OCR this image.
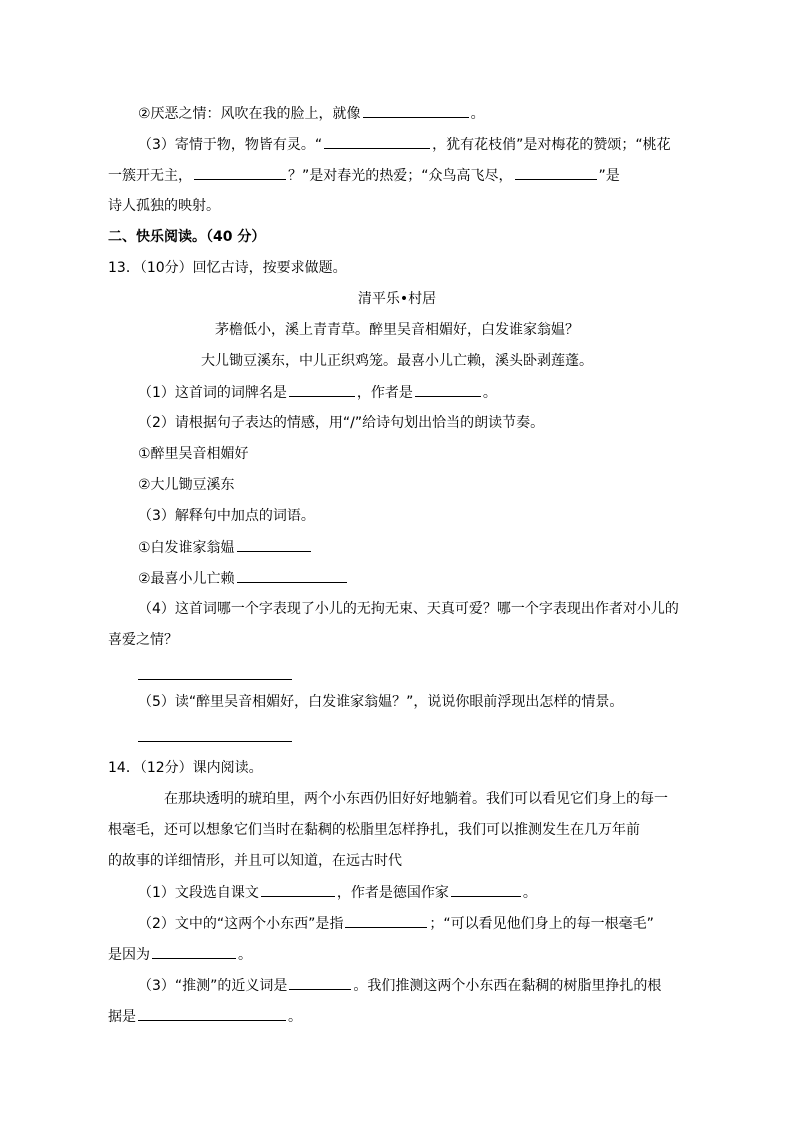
②厌恶之情：风吹在我的脸上，就像	。
（3）寄情于物，物皆有灵。“	，犹有花枝俏”是对梅花的赞颂；“桃花
一簇开无主，	？”是对春光的热爱；“众鸟高飞尽，	”是
诗人孤独的映射。
二、快乐阅读。（40 分）
13．（10分）回忆古诗，按要求做题。
清平乐•村居
茅檐低小，溪上青青草。醉里吴音相媚好，白发谁家翁媪？
大儿锄豆溪东，中儿正织鸡笼。最喜小儿亡赖，溪头卧剥莲蓬。
（1）这首词的词牌名是	，作者是	。
（2）请根据句子表达的情感，用“/”给诗句划出恰当的朗读节奏。
①醉里吴音相媚好
②大儿锄豆溪东
（3）解释句中加点的词语。
①白发谁家翁媪
②最喜小儿亡赖
（4）这首词哪一个字表现了小儿的无拘无束、天真可爱？哪一个字表现出作者对小儿的
喜爱之情？
（5）读“醉里吴音相媚好，白发谁家翁媪？”，说说你眼前浮现出怎样的情景。
14．（12分）课内阅读。
在那块透明的琥珀里，两个小东西仍旧好好地躺着。我们可以看见它们身上的每一
根毫毛，还可以想象它们当时在黏稠的松脂里怎样挣扎，我们可以推测发生在几万年前
的故事的详细情形，并且可以知道，在远古时代
（1）文段选自课文	，作者是德国作家	。
（2）文中的“这两个小东西”是指	；“可以看见他们身上的每一根毫毛”
是因为	。
（3）“推测”的近义词是	。我们推测这两个小东西在黏稠的树脂里挣扎的根
据是	。
